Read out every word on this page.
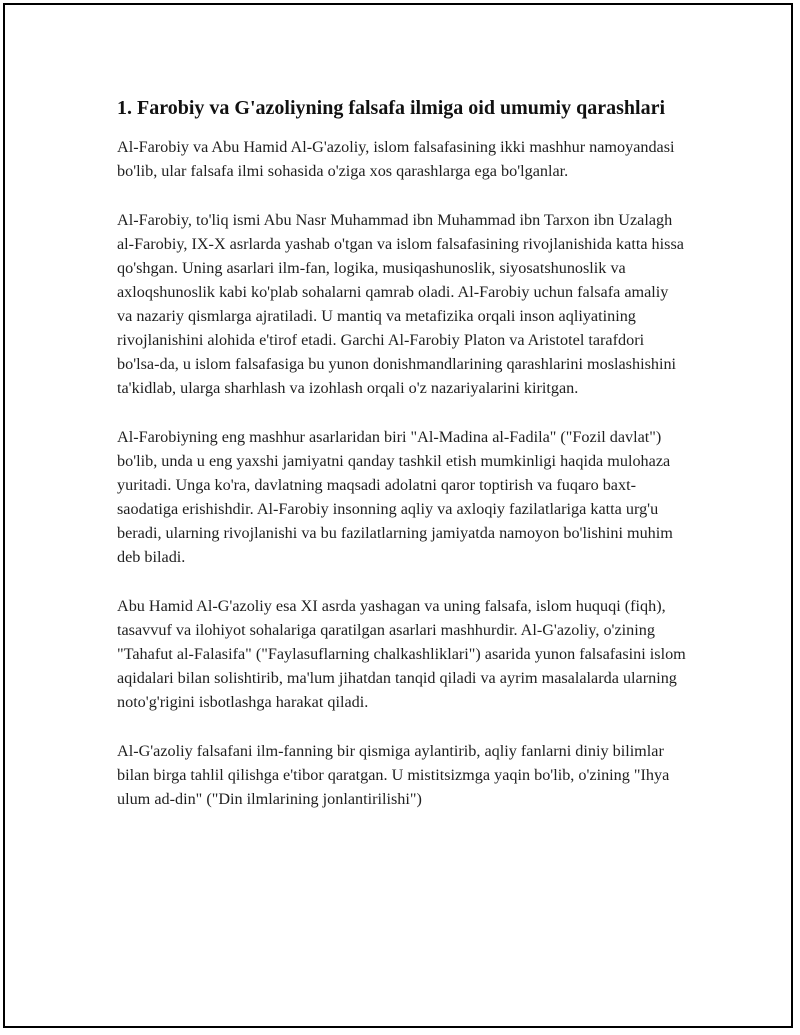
1. Farobiy va G'azoliyning falsafa ilmiga oid umumiy qarashlari

Al-Farobiy va Abu Hamid Al-G'azoliy, islom falsafasining ikki mashhur namoyandasi bo'lib, ular falsafa ilmi sohasida o'ziga xos qarashlarga ega bo'lganlar.

Al-Farobiy, to'liq ismi Abu Nasr Muhammad ibn Muhammad ibn Tarxon ibn Uzalagh al-Farobiy, IX-X asrlarda yashab o'tgan va islom falsafasining rivojlanishida katta hissa qo'shgan. Uning asarlari ilm-fan, logika, musiqashunoslik, siyosatshunoslik va axloqshunoslik kabi ko'plab sohalarni qamrab oladi. Al-Farobiy uchun falsafa amaliy va nazariy qismlarga ajratiladi. U mantiq va metafizika orqali inson aqliyatining rivojlanishini alohida e'tirof etadi. Garchi Al-Farobiy Platon va Aristotel tarafdori bo'lsa-da, u islom falsafasiga bu yunon donishmandlarining qarashlarini moslashishini ta'kidlab, ularga sharhlash va izohlash orqali o'z nazariyalarini kiritgan.

Al-Farobiyning eng mashhur asarlaridan biri "Al-Madina al-Fadila" ("Fozil davlat") bo'lib, unda u eng yaxshi jamiyatni qanday tashkil etish mumkinligi haqida mulohaza yuritadi. Unga ko'ra, davlatning maqsadi adolatni qaror toptirish va fuqaro baxt-saodatiga erishishdir. Al-Farobiy insonning aqliy va axloqiy fazilatlariga katta urg'u beradi, ularning rivojlanishi va bu fazilatlarning jamiyatda namoyon bo'lishini muhim deb biladi.

Abu Hamid Al-G'azoliy esa XI asrda yashagan va uning falsafa, islom huquqi (fiqh), tasavvuf va ilohiyot sohalariga qaratilgan asarlari mashhurdir. Al-G'azoliy, o'zining "Tahafut al-Falasifa" ("Faylasuflarning chalkashliklari") asarida yunon falsafasini islom aqidalari bilan solishtirib, ma'lum jihatdan tanqid qiladi va ayrim masalalarda ularning noto'g'rigini isbotlashga harakat qiladi.

Al-G'azoliy falsafani ilm-fanning bir qismiga aylantirib, aqliy fanlarni diniy bilimlar bilan birga tahlil qilishga e'tibor qaratgan. U mistitsizmga yaqin bo'lib, o'zining "Ihya ulum ad-din" ("Din ilmlarining jonlantirilishi")
